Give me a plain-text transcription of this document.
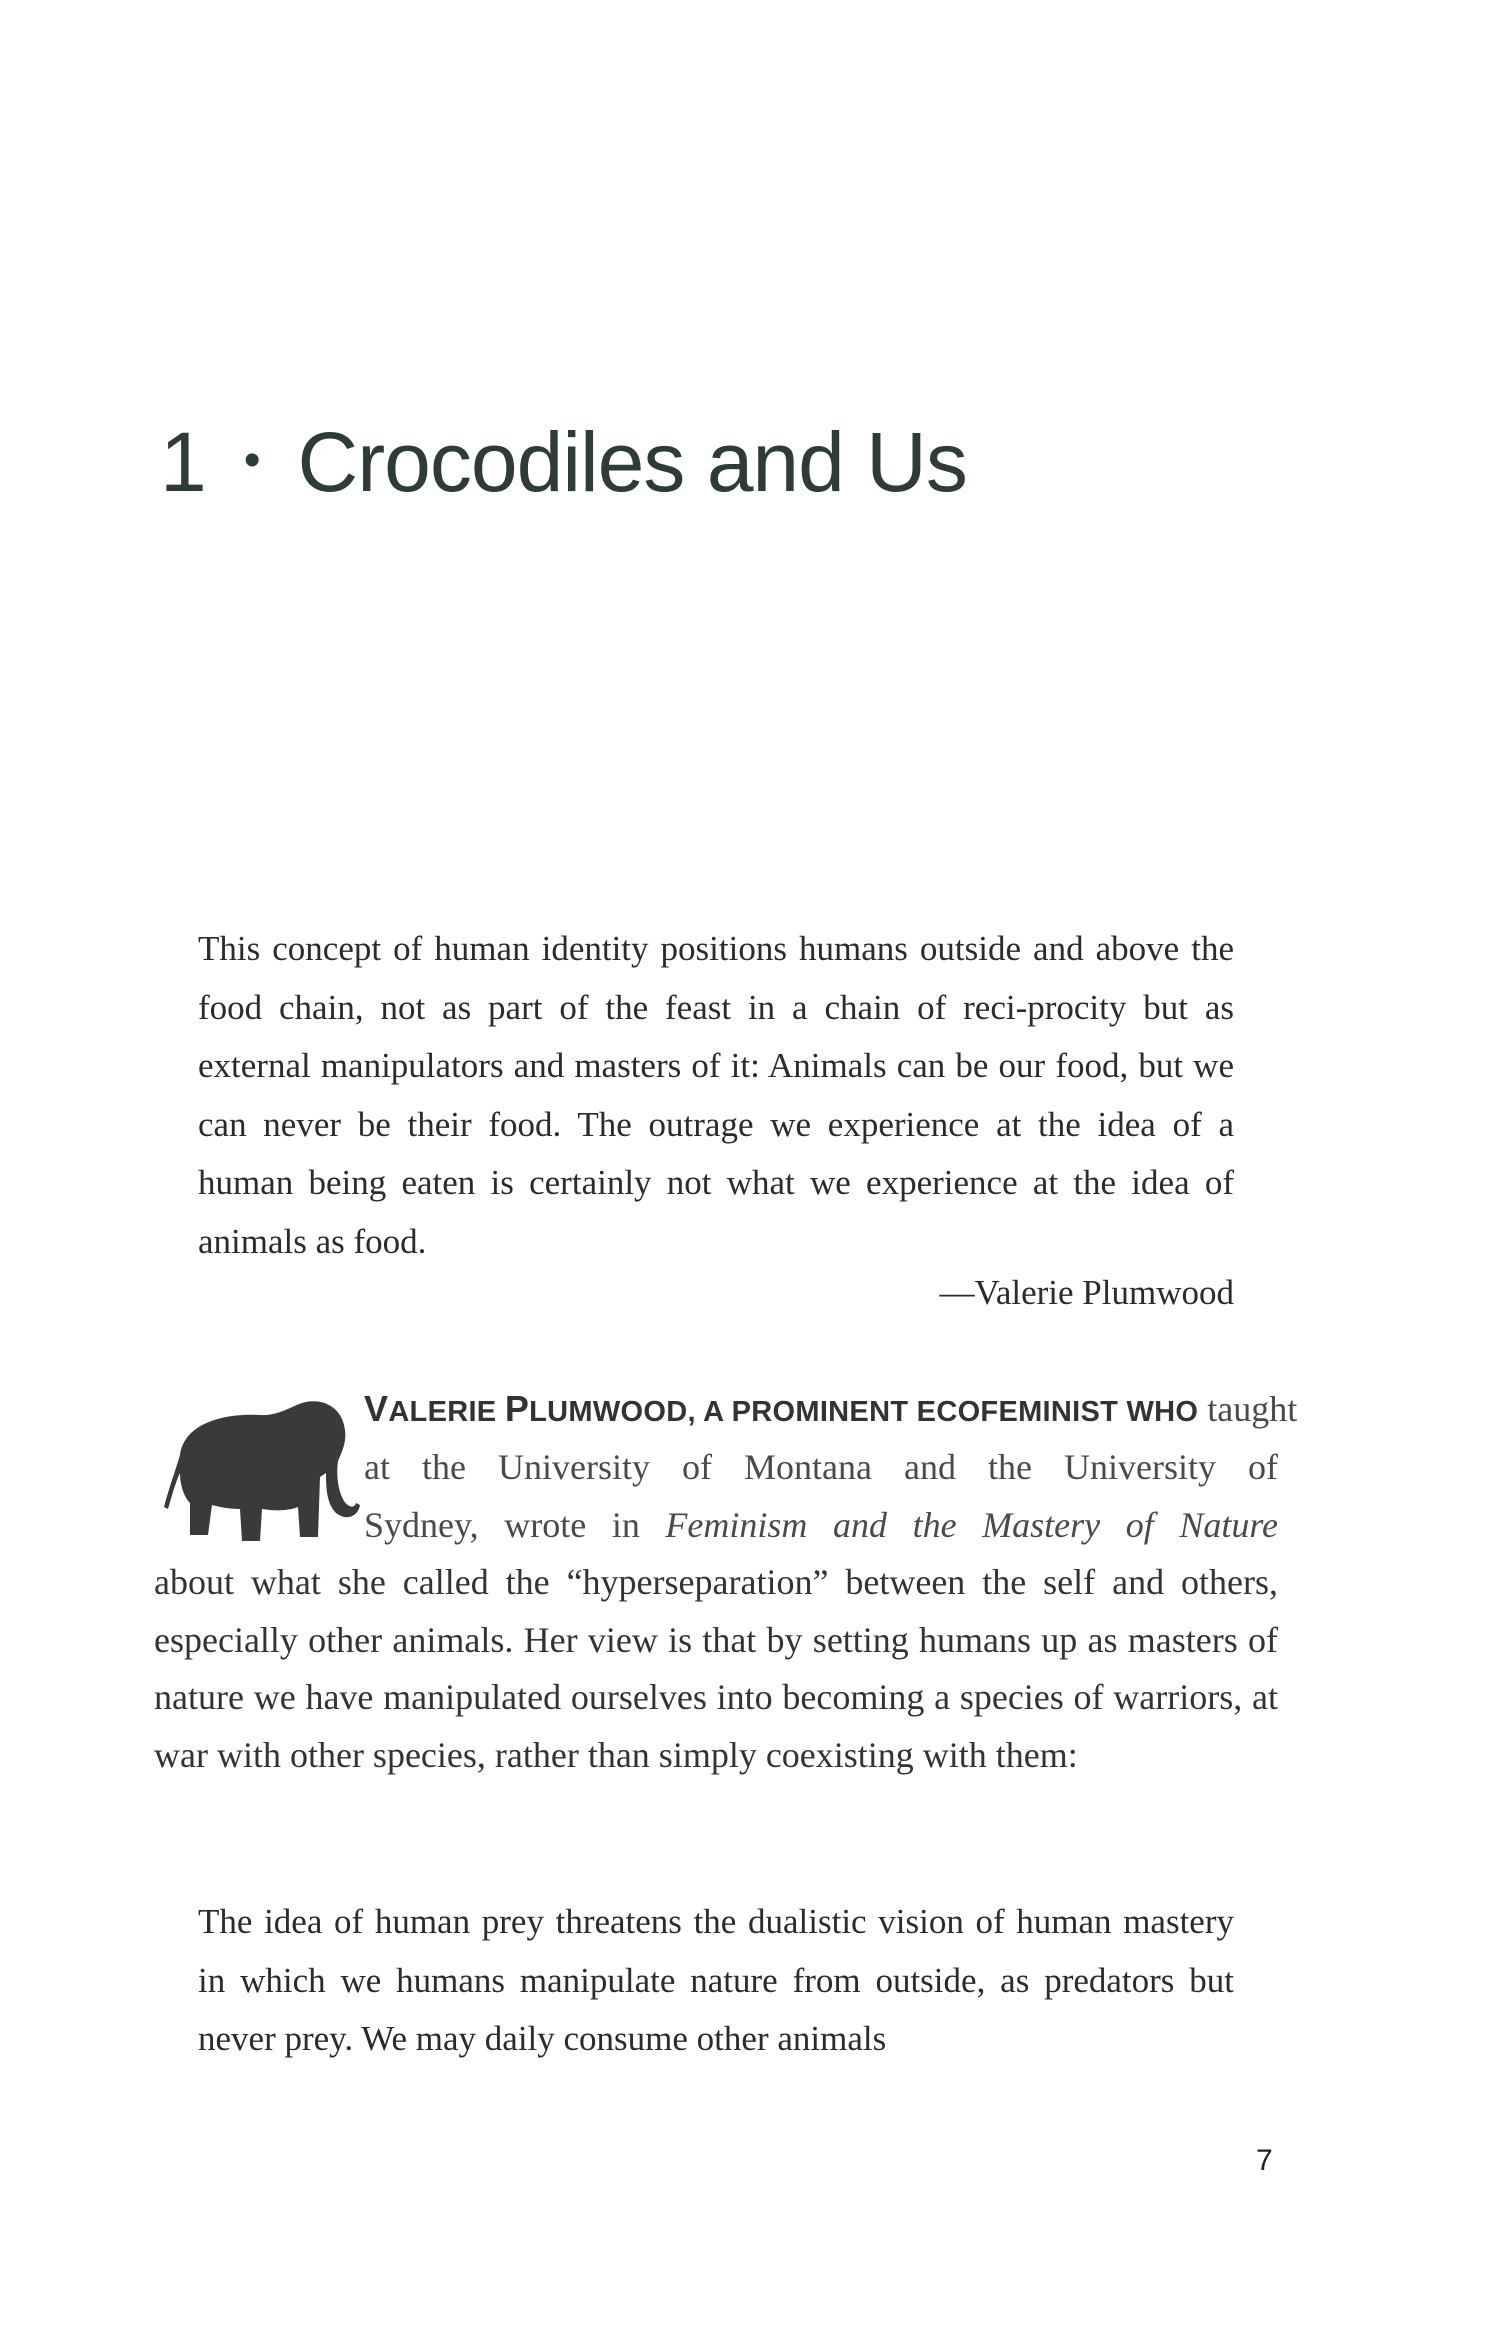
1 • Crocodiles and Us

This concept of human identity positions humans outside and above the food chain, not as part of the feast in a chain of reci-procity but as external manipulators and masters of it: Animals can be our food, but we can never be their food. The outrage we experience at the idea of a human being eaten is certainly not what we experience at the idea of animals as food.

—Valerie Plumwood
VALERIE PLUMWOOD, A PROMINENT ECOFEMINIST WHO taught
at the University of Montana and the University of
Sydney, wrote in Feminism and the Mastery of Nature

about what she called the “hyperseparation” between the self and others, especially other animals. Her view is that by setting humans up as masters of nature we have manipulated ourselves into becoming a species of warriors, at war with other species, rather than simply coexisting with them:

The idea of human prey threatens the dualistic vision of human mastery in which we humans manipulate nature from outside, as predators but never prey. We may daily consume other animals

7
